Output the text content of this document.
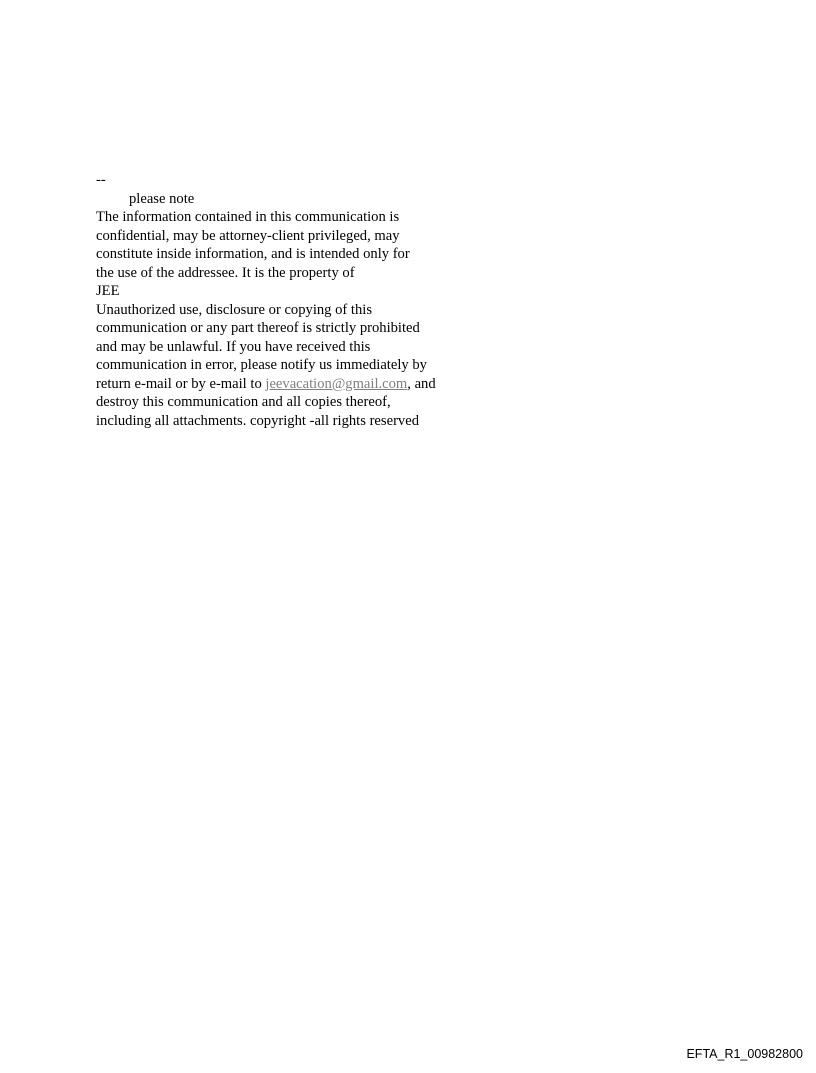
--
please note
The information contained in this communication is
confidential, may be attorney-client privileged, may
constitute inside information, and is intended only for
the use of the addressee. It is the property of
JEE
Unauthorized use, disclosure or copying of this
communication or any part thereof is strictly prohibited
and may be unlawful. If you have received this
communication in error, please notify us immediately by
return e-mail or by e-mail to jeevacation@gmail.com, and
destroy this communication and all copies thereof,
including all attachments. copyright -all rights reserved
EFTA_R1_00982800
